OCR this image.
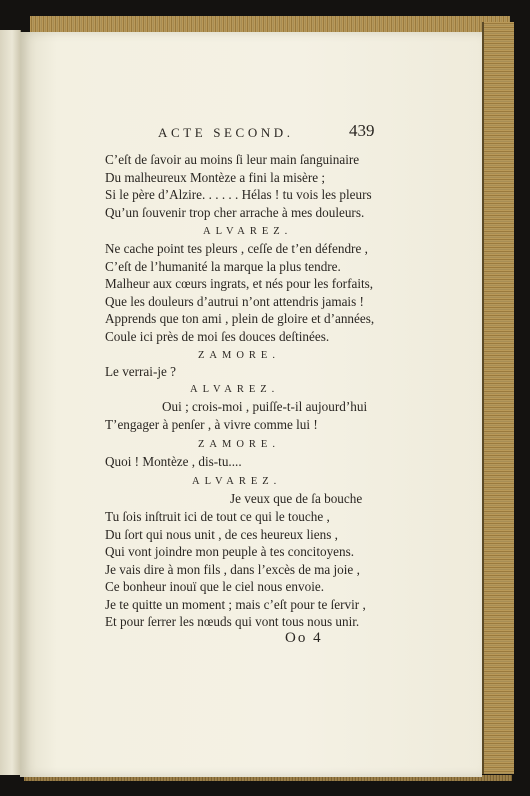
ACTE SECOND.	439
C’eſt de ſavoir au moins ſi leur main ſanguinaire
Du malheureux Montèze a fini la misère ;
Si le père d’Alzire. . . . . . Hélas ! tu vois les pleurs
Qu’un ſouvenir trop cher arrache à mes douleurs.
ALVAREZ.
Ne cache point tes pleurs , ceſſe de t’en défendre ,
C’eſt de l’humanité la marque la plus tendre.
Malheur aux cœurs ingrats, et nés pour les forfaits,
Que les douleurs d’autrui n’ont attendris jamais !
Apprends que ton ami , plein de gloire et d’années,
Coule ici près de moi ſes douces deſtinées.
ZAMORE.
Le verrai-je ?
ALVAREZ.
Oui ; crois-moi , puiſſe-t-il aujourd’hui
T’engager à penſer , à vivre comme lui !
ZAMORE.
Quoi ! Montèze , dis-tu....
ALVAREZ.
Je veux que de ſa bouche
Tu ſois inſtruit ici de tout ce qui le touche ,
Du ſort qui nous unit , de ces heureux liens ,
Qui vont joindre mon peuple à tes concitoyens.
Je vais dire à mon fils , dans l’excès de ma joie ,
Ce bonheur inouï que le ciel nous envoie.
Je te quitte un moment ; mais c’eſt pour te ſervir ,
Et pour ſerrer les nœuds qui vont tous nous unir.
Oo 4
